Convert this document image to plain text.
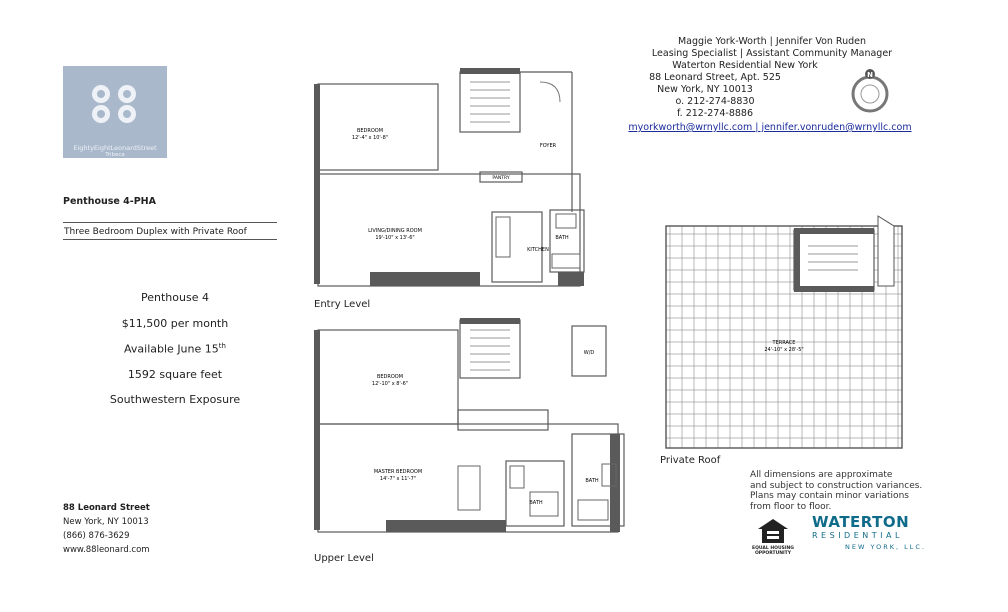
EightyEightLeonardStreet
Tribeca
Penthouse 4-PHA
Three Bedroom Duplex with Private Roof
Penthouse 4
$11,500 per month
Available June 15th
1592 square feet
Southwestern Exposure
88 Leonard Street
New York, NY 10013
(866) 876-3629
www.88leonard.com
Maggie York-Worth | Jennifer Von Ruden
Leasing Specialist | Assistant Community Manager
Waterton Residential New York
88 Leonard Street, Apt. 525
New York, NY 10013
o. 212-274-8830
f. 212-274-8886
myorkworth@wrnyllc.com | jennifer.vonruden@wrnyllc.com
N
BEDROOM
12'-4" x 10'-8"
FOYER
PANTRY
LIVING/DINING ROOM
19'-10" x 13'-6"
KITCHEN
BATH
Entry Level
BEDROOM
12'-10" x 8'-6"
W/D
MASTER BEDROOM
14'-7" x 11'-7"
BATH
BATH
Upper Level
TERRACE
24'-10" x 28'-5"
Private Roof
All dimensions are approximate
and subject to construction variances.
Plans may contain minor variations
from floor to floor.
EQUAL HOUSING
OPPORTUNITY
WATERTON
RESIDENTIAL
NEW YORK, LLC.
